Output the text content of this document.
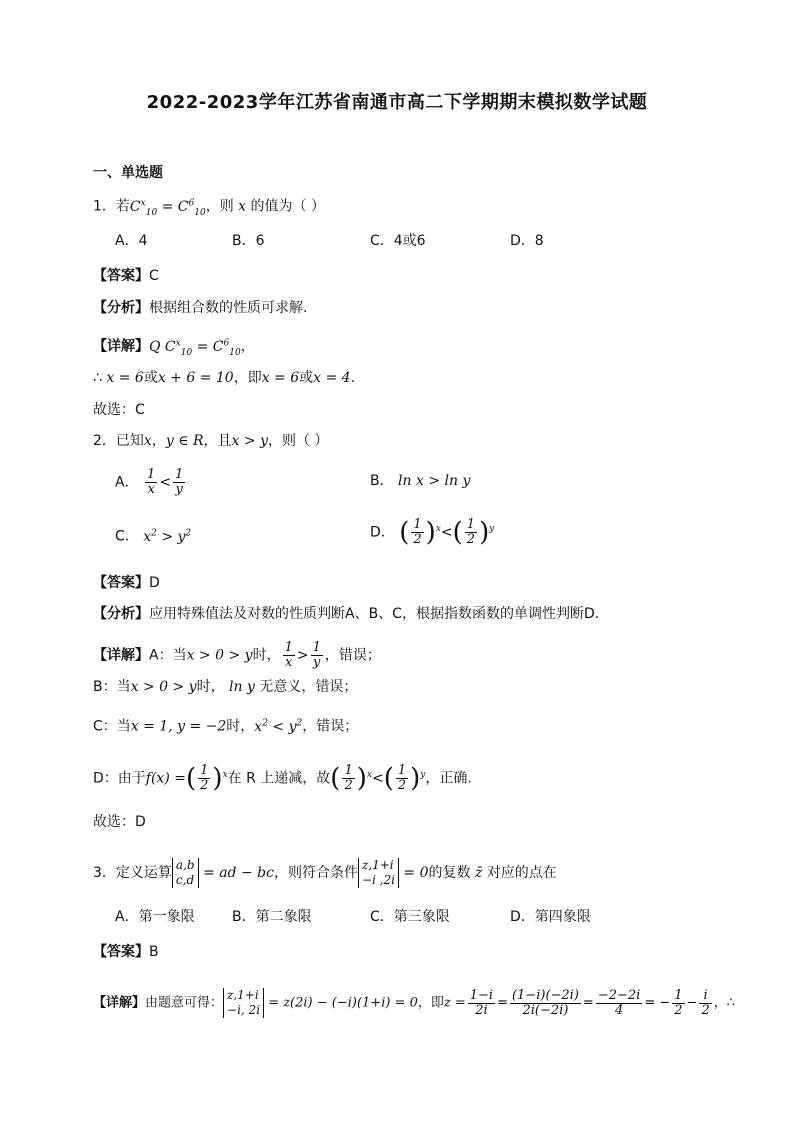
2022-2023学年江苏省南通市高二下学期期末模拟数学试题
一、单选题
1．若$C^x_{10} = C^6_{10}$，则 x 的值为（ ）
A．4	B．6	C．4或6	D．8
【答案】C
【分析】根据组合数的性质可求解.
【详解】Q $C^x_{10} = C^6_{10}$，
∴ x = 6或x + 6 = 10，即x = 6或x = 4.
故选：C
2．已知x，y ∈ R，且x > y，则（ ）
A． $\frac{1}{x} < \frac{1}{y}$	B． ln x > ln y
C． $x^2 > y^2$	D． ( $\frac{1}{2} )^x<( \frac{1}{2} )^y$
【答案】D
【分析】应用特殊值法及对数的性质判断A、B、C，根据指数函数的单调性判断D.
【详解】A：当x > 0 > y时， $\frac{1}{x} > \frac{1}{y}$ ，错误；
B：当x > 0 > y时， ln y 无意义，错误；
C：当x = 1, y = −2时，$x^2 < y^2$，错误；
D：由于f(x) =( $\frac{1}{2} )^x$在 R 上递减，故( $\frac{1}{2} )^x<( \frac{1}{2} )^y$，正确.
故选：D
3．定义运算 a,b
c,d = ad − bc，则符合条件 z,1+i
−i ,2i = 0的复数 z̄ 对应的点在
A．第一象限	B．第二象限	C．第三象限	D．第四象限
【答案】B
【详解】由题意可得：
z,1+i
−i, 2i = z(2i) − (−i)(1+i) = 0，即$z = \frac{1-i}{2i} = \frac{(1-i)(-2i)}{2i(-2i)} = \frac{-2-2i}{4}$ = − $\frac{1}{2} - \frac{i}{2}$ ，∴
